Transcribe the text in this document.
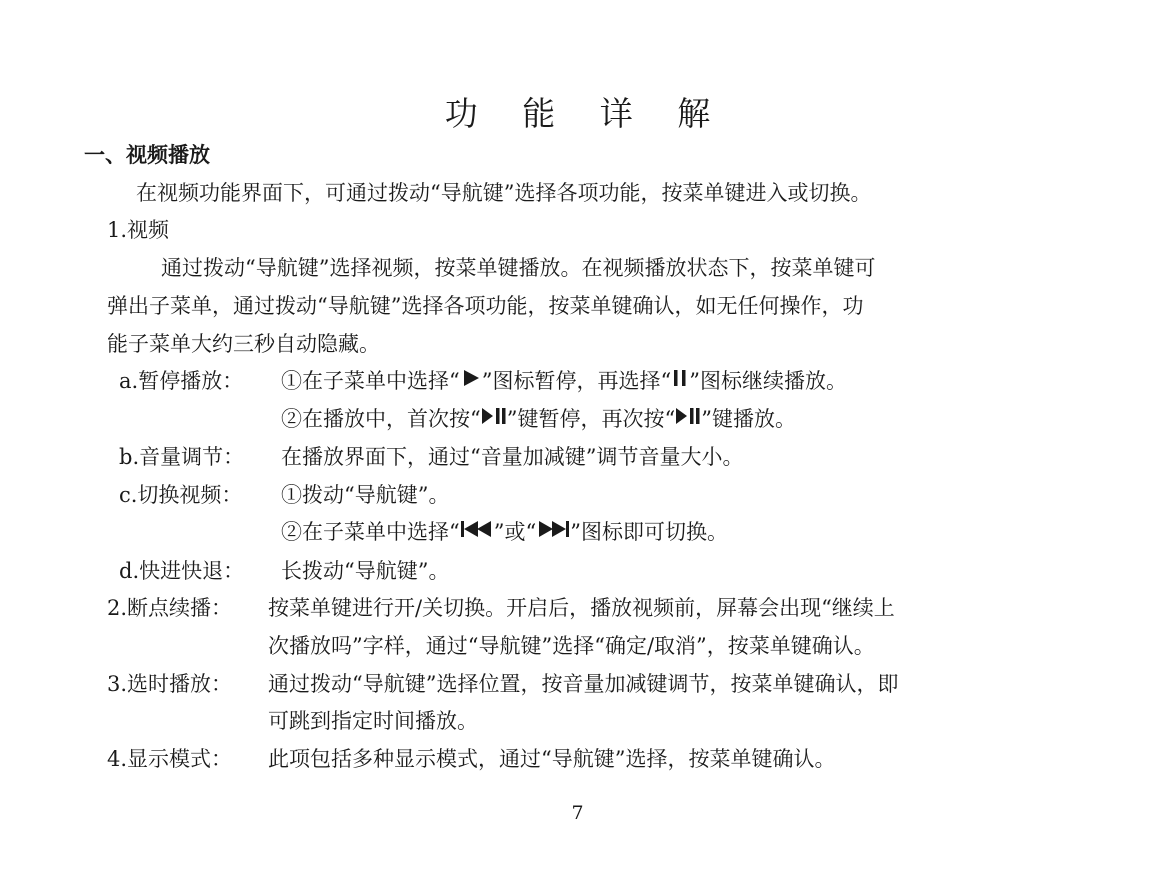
功 能 详 解
一、视频播放
在视频功能界面下，可通过拨动“导航键”选择各项功能，按菜单键进入或切换。
1.视频
通过拨动“导航键”选择视频，按菜单键播放。在视频播放状态下，按菜单键可
弹出子菜单，通过拨动“导航键”选择各项功能，按菜单键确认，如无任何操作，功
能子菜单大约三秒自动隐藏。
a.暂停播放： ①在子菜单中选择“ ”图标暂停，再选择“ ”图标继续播放。
②在播放中，首次按“ ”键暂停，再次按“ ”键播放。
b.音量调节： 在播放界面下，通过“音量加减键”调节音量大小。
c.切换视频： ①拨动“导航键”。
②在子菜单中选择“ ”或“ ”图标即可切换。
d.快进快退： 长拨动“导航键”。
2.断点续播： 按菜单键进行开/关切换。开启后，播放视频前，屏幕会出现“继续上
次播放吗”字样，通过“导航键”选择“确定/取消”，按菜单键确认。
3.选时播放： 通过拨动“导航键”选择位置，按音量加减键调节，按菜单键确认，即
可跳到指定时间播放。
4.显示模式： 此项包括多种显示模式，通过“导航键”选择，按菜单键确认。
7
